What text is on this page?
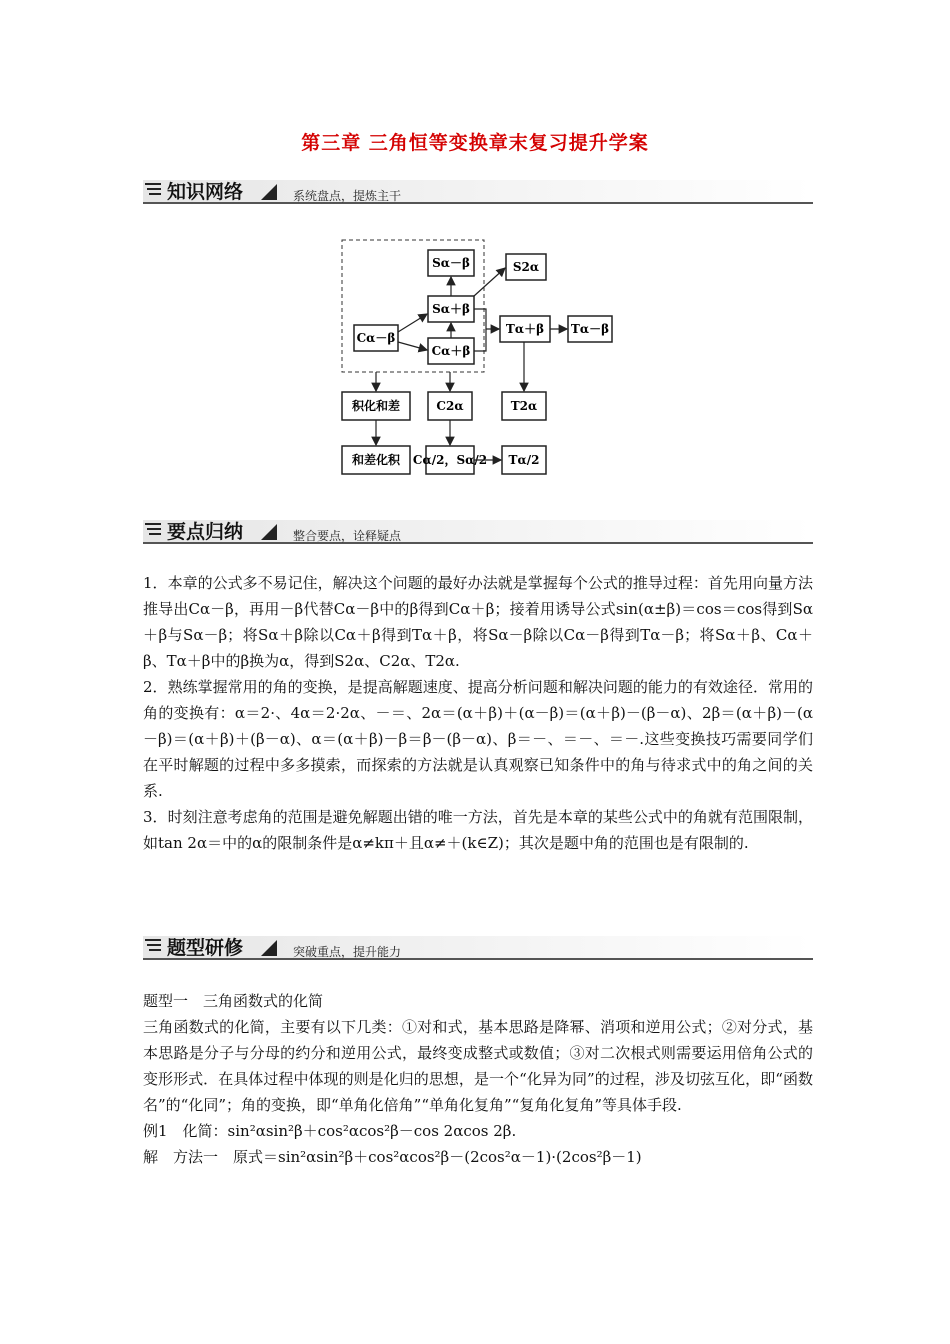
第三章 三角恒等变换章末复习提升学案
知识网络	系统盘点，提炼主干
Cα－β
Sα－β
Sα＋β
Cα＋β
S2α
Tα＋β Tα－β
积化和差	C2α	T2α
和差化积 Cα/2，Sα/2 Tα/2
要点归纳	整合要点，诠释疑点

1．本章的公式多不易记住，解决这个问题的最好办法就是掌握每个公式的推导过程：首先用向量方法推导出Cα－β，再用－β代替Cα－β中的β得到Cα＋β；接着用诱导公式sin(α±β)＝cos＝cos得到Sα＋β与Sα－β；将Sα＋β除以Cα＋β得到Tα＋β，将Sα－β除以Cα－β得到Tα－β；将Sα＋β、Cα＋β、Tα＋β中的β换为α，得到S2α、C2α、T2α.

2．熟练掌握常用的角的变换，是提高解题速度、提高分析问题和解决问题的能力的有效途径．常用的角的变换有：α＝2·、4α＝2·2α、－＝、2α＝(α＋β)＋(α－β)＝(α＋β)－(β－α)、2β＝(α＋β)－(α－β)＝(α＋β)＋(β－α)、α＝(α＋β)－β＝β－(β－α)、β＝－、＝－、＝－.这些变换技巧需要同学们在平时解题的过程中多多摸索，而探索的方法就是认真观察已知条件中的角与待求式中的角之间的关系.

3．时刻注意考虑角的范围是避免解题出错的唯一方法，首先是本章的某些公式中的角就有范围限制，如tan 2α＝中的α的限制条件是α≠kπ＋且α≠＋(k∈Z)；其次是题中角的范围也是有限制的.

题型研修	突破重点，提升能力

题型一　三角函数式的化简

三角函数式的化简，主要有以下几类：①对和式，基本思路是降幂、消项和逆用公式；②对分式，基本思路是分子与分母的约分和逆用公式，最终变成整式或数值；③对二次根式则需要运用倍角公式的变形形式．在具体过程中体现的则是化归的思想，是一个“化异为同”的过程，涉及切弦互化，即“函数名”的“化同”；角的变换，即“单角化倍角”“单角化复角”“复角化复角”等具体手段.

例1　化简：sin²αsin²β＋cos²αcos²β－cos 2αcos 2β.

解　方法一　原式＝sin²αsin²β＋cos²αcos²β－(2cos²α－1)·(2cos²β－1)
